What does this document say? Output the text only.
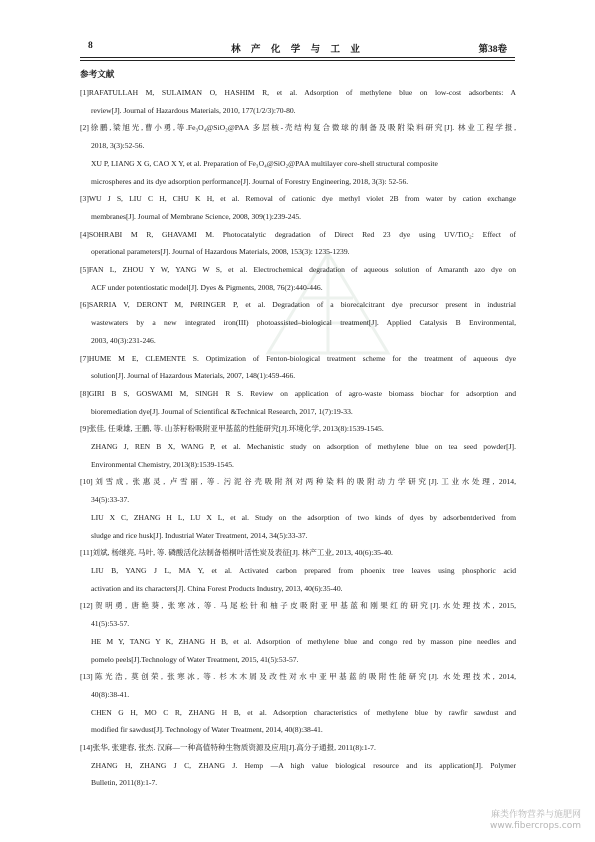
8	林 产 化 学 与 工 业	第38卷
参考文献
[1]RAFATULLAH M, SULAIMAN O, HASHIM R, et al. Adsorption of methylene blue on low-cost adsorbents: A
review[J]. Journal of Hazardous Materials, 2010, 177(1/2/3):70-80.
[2]徐鹏,梁旭光,曹小勇,等.Fe₃O₄@SiO₂@PAA 多层核-壳结构复合微球的制备及吸附染料研究[J]. 林业工程学报,
2018, 3(3):52-56.
XU P, LIANG X G, CAO X Y, et al. Preparation of Fe₃O₄@SiO₂@PAA multilayer core-shell structural composite
microspheres and its dye adsorption performance[J]. Journal of Forestry Engineering, 2018, 3(3): 52-56.
[3]WU J S, LIU C H, CHU K H, et al. Removal of cationic dye methyl violet 2B from water by cation exchange
membranes[J]. Journal of Membrane Science, 2008, 309(1):239-245.
[4]SOHRABI M R, GHAVAMI M. Photocatalytic degradation of Direct Red 23 dye using UV/TiO₂: Effect of
operational parameters[J]. Journal of Hazardous Materials, 2008, 153(3): 1235-1239.
[5]FAN L, ZHOU Y W, YANG W S, et al. Electrochemical degradation of aqueous solution of Amaranth azo dye on
ACF under potentiostatic model[J]. Dyes & Pigments, 2008, 76(2):440-446.
[6]SARRIA V, DERONT M, PéRINGER P, et al. Degradation of a biorecalcitrant dye precursor present in industrial
wastewaters by a new integrated iron(III) photoassisted–biological treatment[J]. Applied Catalysis B Environmental,
2003, 40(3):231-246.
[7]HUME M E, CLEMENTE S. Optimization of Fenton-biological treatment scheme for the treatment of aqueous dye
solution[J]. Journal of Hazardous Materials, 2007, 148(1):459-466.
[8]GIRI B S, GOSWAMI M, SINGH R S. Review on application of agro-waste biomass biochar for adsorption and
bioremediation dye[J]. Journal of Scientifical &Technical Research, 2017, 1(7):19-33.
[9]张佳, 任秉雄, 王鹏, 等. 山茶籽粉吸附亚甲基蓝的性能研究[J].环境化学, 2013(8):1539-1545.
ZHANG J, REN B X, WANG P, et al. Mechanistic study on adsorption of methylene blue on tea seed powder[J].
Environmental Chemistry, 2013(8):1539-1545.
[10]刘雪成, 张惠灵, 卢雪丽, 等. 污泥谷壳吸附剂对两种染料的吸附动力学研究[J].工业水处理, 2014,
34(5):33-37.
LIU X C, ZHANG H L, LU X L, et al. Study on the adsorption of two kinds of dyes by adsorbentderived from
sludge and rice husk[J]. Industrial Water Treatment, 2014, 34(5):33-37.
[11]刘斌, 杨继亮, 马叶, 等. 磷酸活化法制备梧桐叶活性炭及表征[J]. 林产工业, 2013, 40(6):35-40.
LIU B, YANG J L, MA Y, et al. Activated carbon prepared from phoenix tree leaves using phosphoric acid
activation and its characters[J]. China Forest Products Industry, 2013, 40(6):35-40.
[12]贺明勇, 唐艳葵, 张寒冰, 等. 马尾松针和柚子皮吸附亚甲基蓝和刚果红的研究[J].水处理技术, 2015,
41(5):53-57.
HE M Y, TANG Y K, ZHANG H B, et al. Adsorption of methylene blue and congo red by masson pine needles and
pomelo peels[J].Technology of Water Treatment, 2015, 41(5):53-57.
[13]陈光浩, 莫创荣, 张寒冰, 等. 杉木木屑及改性对水中亚甲基蓝的吸附性能研究[J]. 水处理技术, 2014,
40(8):38-41.
CHEN G H, MO C R, ZHANG H B, et al. Adsorption characteristics of methylene blue by rawfir sawdust and
modified fir sawdust[J]. Technology of Water Treatment, 2014, 40(8):38-41.
[14]张华, 张建春, 张杰. 汉麻—一种高值特种生物质资源及应用[J].高分子通报, 2011(8):1-7.
ZHANG H, ZHANG J C, ZHANG J. Hemp —A high value biological resource and its application[J]. Polymer
Bulletin, 2011(8):1-7.
麻类作物营养与施肥网
www.fibercrops.com
